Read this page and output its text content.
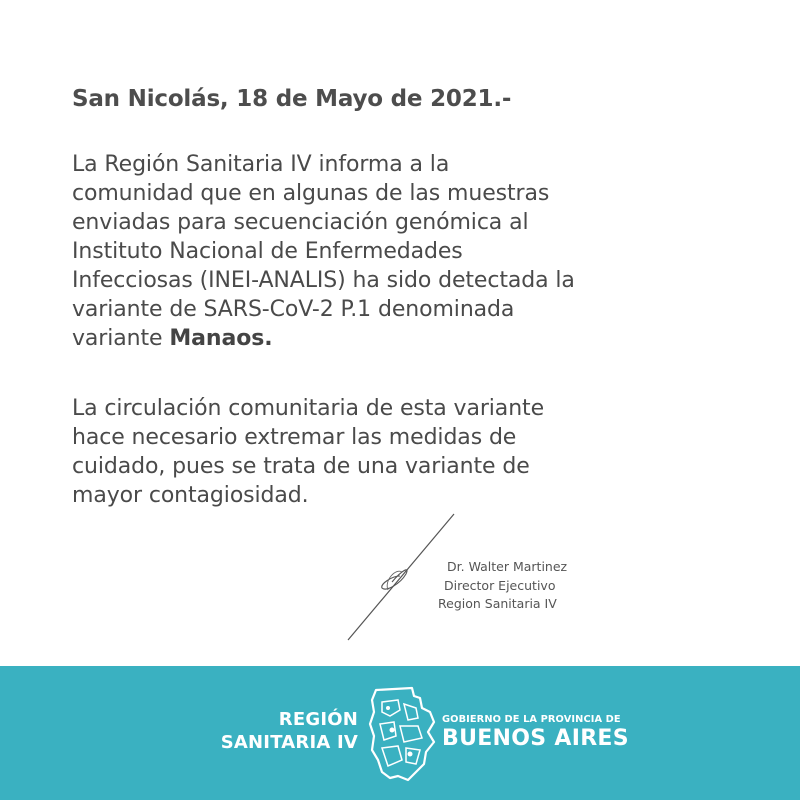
San Nicolás, 18 de Mayo de 2021.-
La Región Sanitaria IV informa a la
comunidad que en algunas de las muestras
enviadas para secuenciación genómica al
Instituto Nacional de Enfermedades
Infecciosas (INEI-ANALIS) ha sido detectada la
variante de SARS-CoV-2 P.1 denominada
variante Manaos.
La circulación comunitaria de esta variante
hace necesario extremar las medidas de
cuidado, pues se trata de una variante de
mayor contagiosidad.
Dr. Walter Martinez
Director Ejecutivo
Region Sanitaria IV
REGIÓN
SANITARIA IV
GOBIERNO DE LA PROVINCIA DE
BUENOS AIRES
